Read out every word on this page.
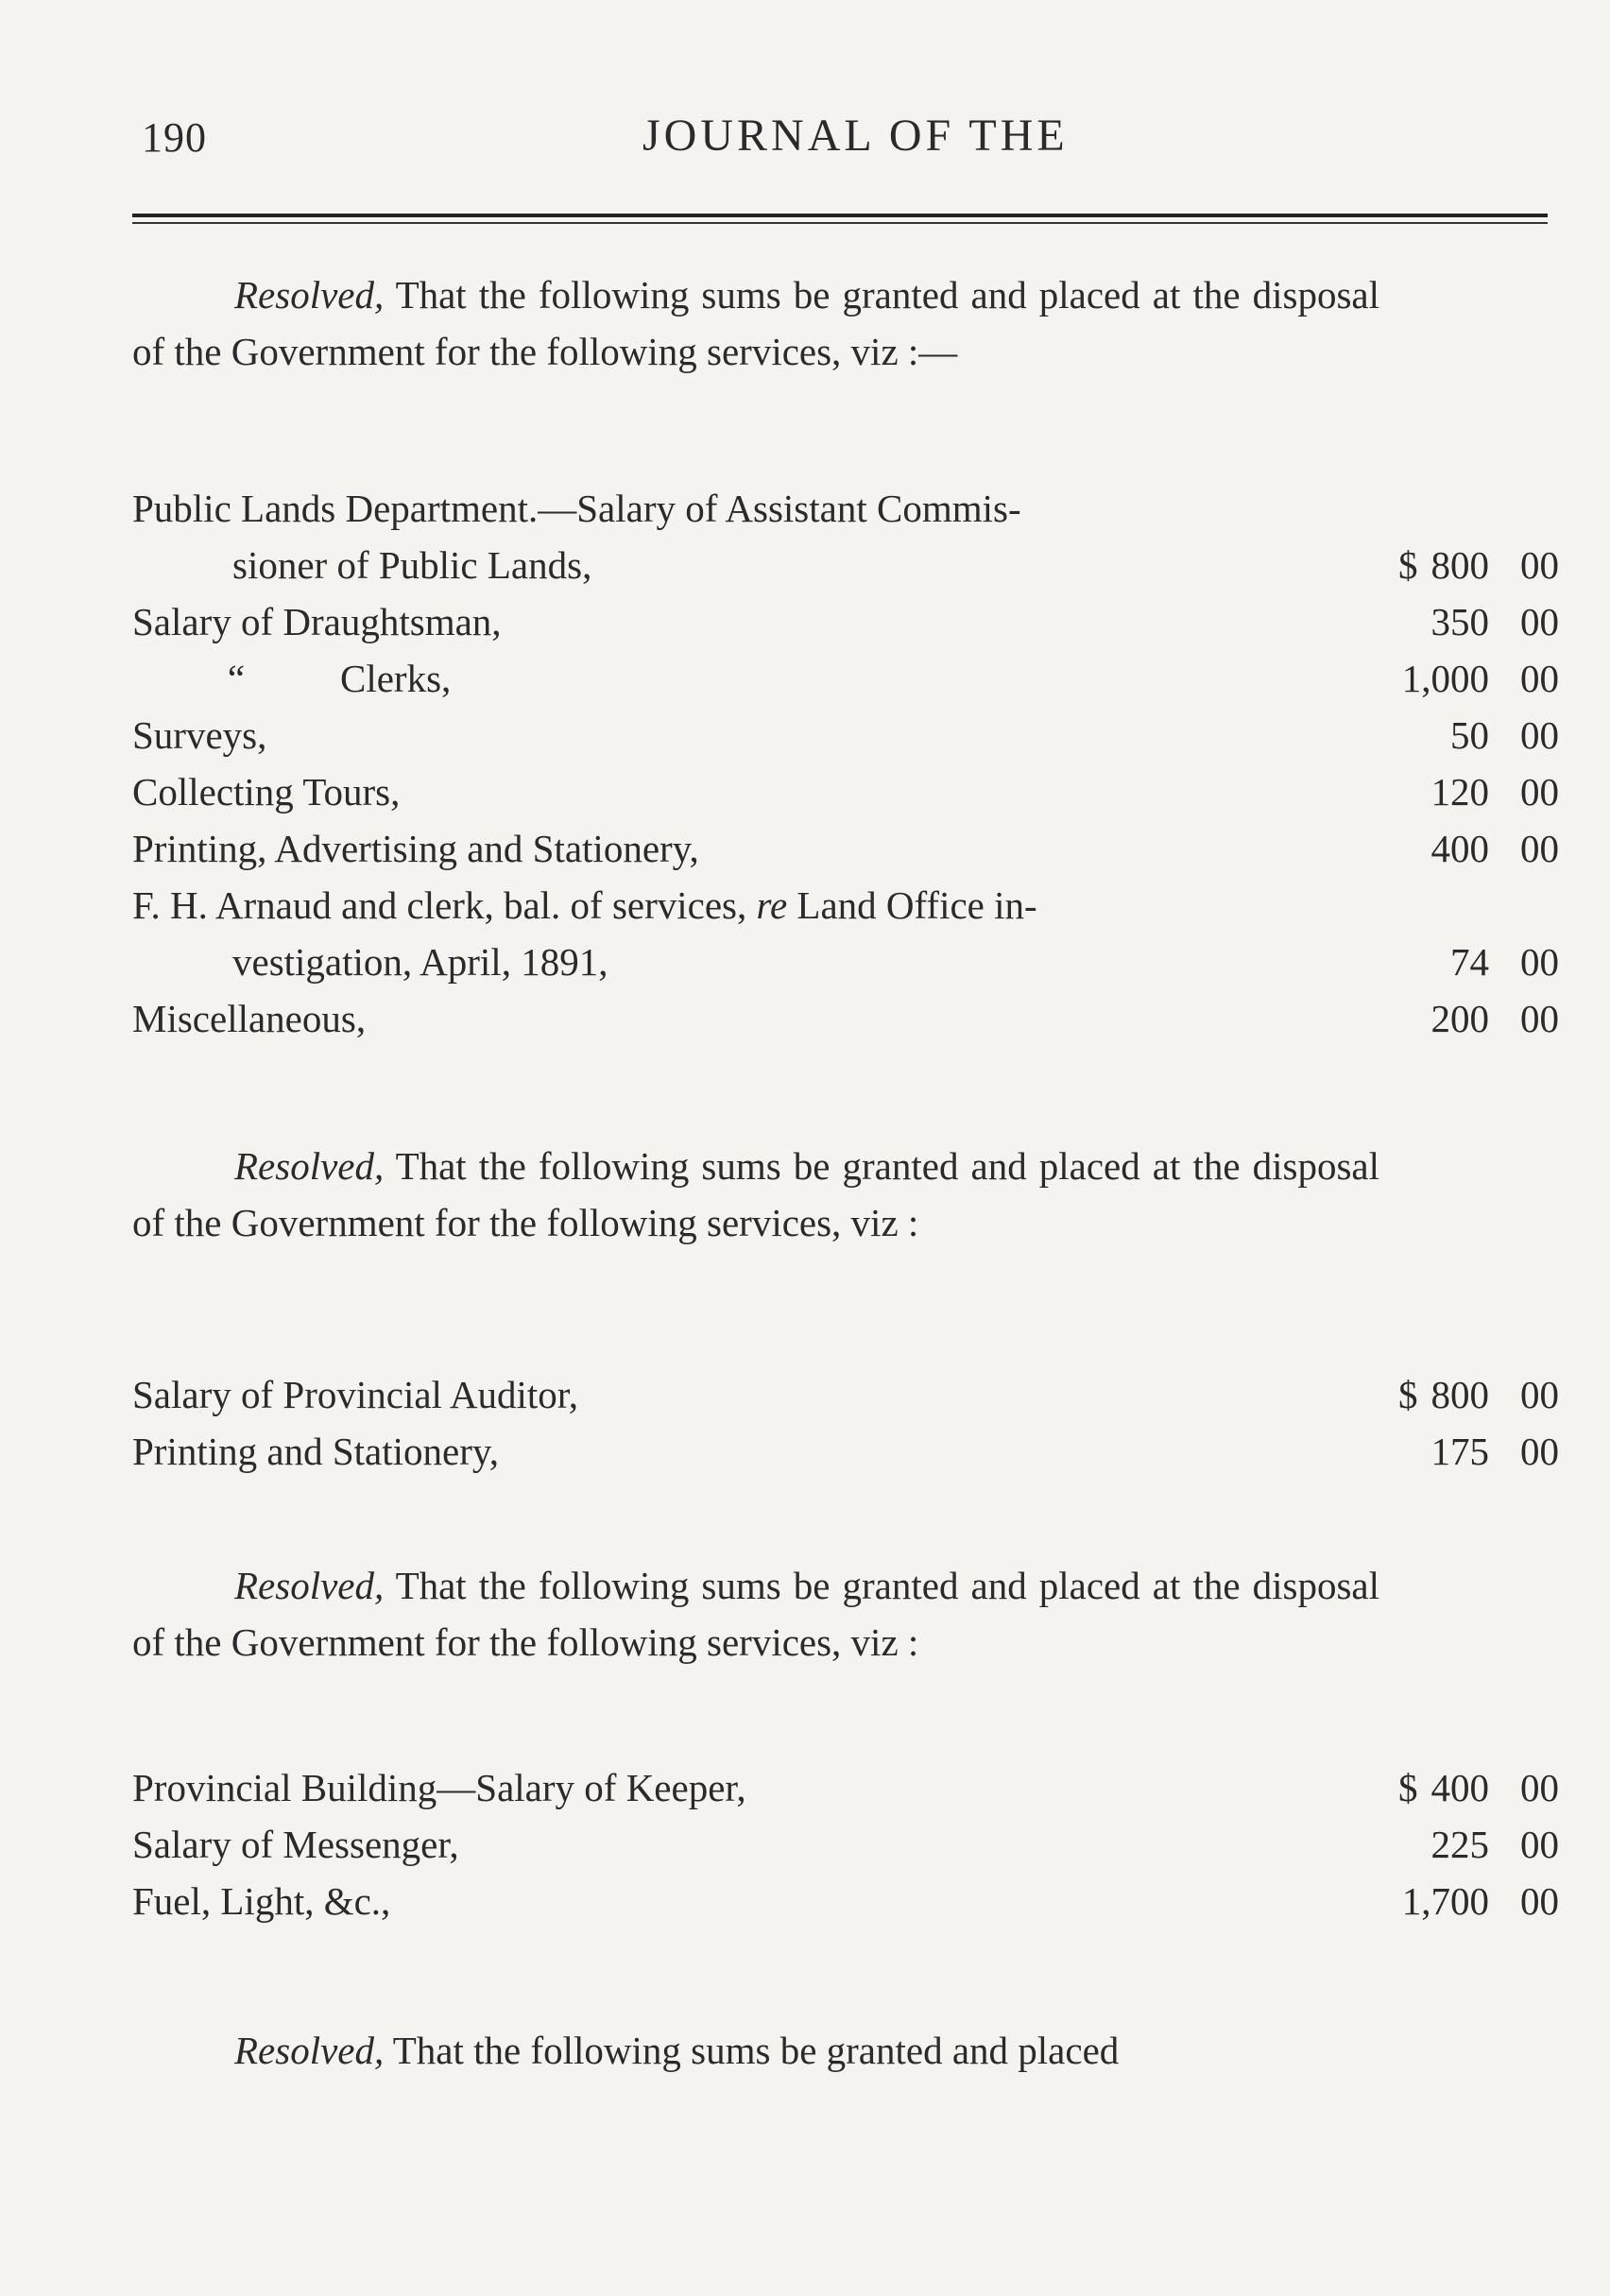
190	JOURNAL OF THE
Resolved, That the following sums be granted and placed at the disposal of the Government for the following services, viz :—
Public Lands Department.—Salary of Assistant Commis-
sioner of Public Lands,	$ 800 00
Salary of Draughtsman,	350 00
“ Clerks,	1,000 00
Surveys,	50 00
Collecting Tours,	120 00
Printing, Advertising and Stationery,	400 00
F. H. Arnaud and clerk, bal. of services, re Land Office in-
vestigation, April, 1891,	74 00
Miscellaneous,	200 00
Resolved, That the following sums be granted and placed at the disposal of the Government for the following services, viz :
Salary of Provincial Auditor,	$ 800 00
Printing and Stationery,	175 00
Resolved, That the following sums be granted and placed at the disposal of the Government for the following services, viz :
Provincial Building—Salary of Keeper,	$ 400 00
Salary of Messenger,	225 00
Fuel, Light, &c.,	1,700 00
Resolved, That the following sums be granted and placed
